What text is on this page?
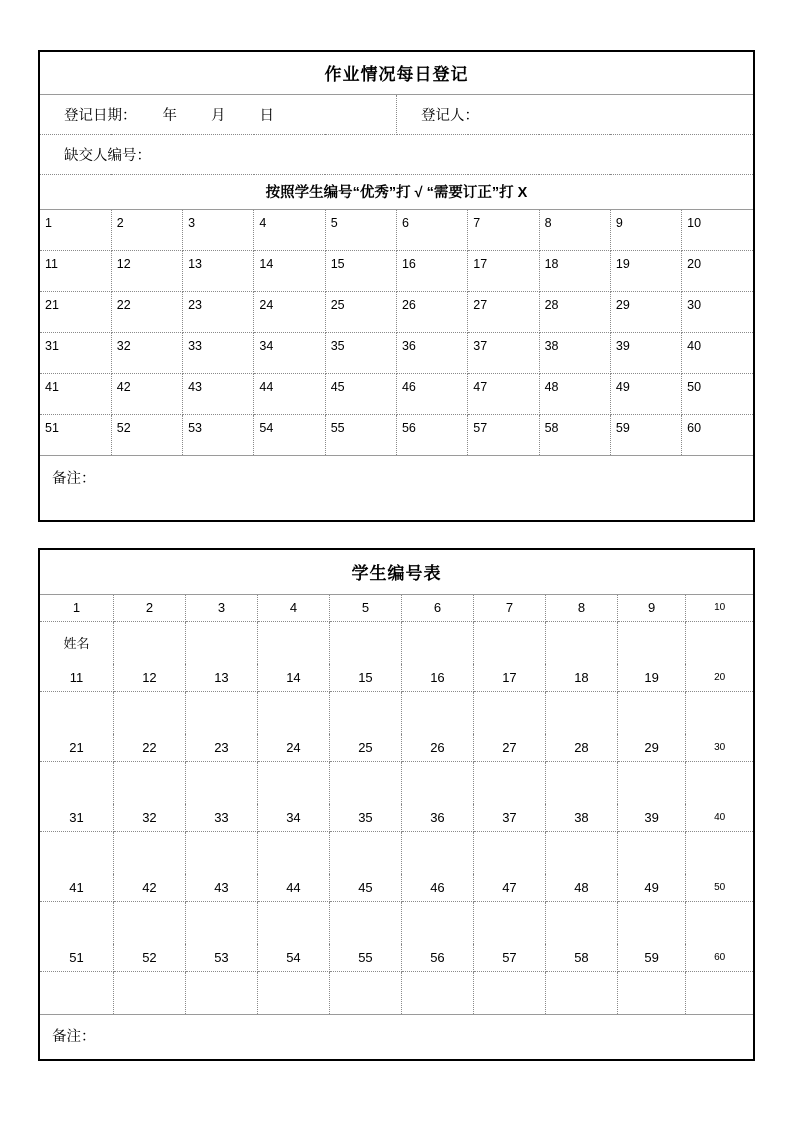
作业情况每日登记									
登记日期： 年 月 日					登记人：				
缺交人编号：									
按照学生编号“优秀”打 √ “需要订正”打 X									
1	2	3	4	5	6	7	8	9	10
11	12	13	14	15	16	17	18	19	20
21	22	23	24	25	26	27	28	29	30
31	32	33	34	35	36	37	38	39	40
41	42	43	44	45	46	47	48	49	50
51	52	53	54	55	56	57	58	59	60
备注：									
学生编号表									
1	2	3	4	5	6	7	8	9	10
姓名									
11	12	13	14	15	16	17	18	19	20

21	22	23	24	25	26	27	28	29	30

31	32	33	34	35	36	37	38	39	40

41	42	43	44	45	46	47	48	49	50

51	52	53	54	55	56	57	58	59	60

备注：									
